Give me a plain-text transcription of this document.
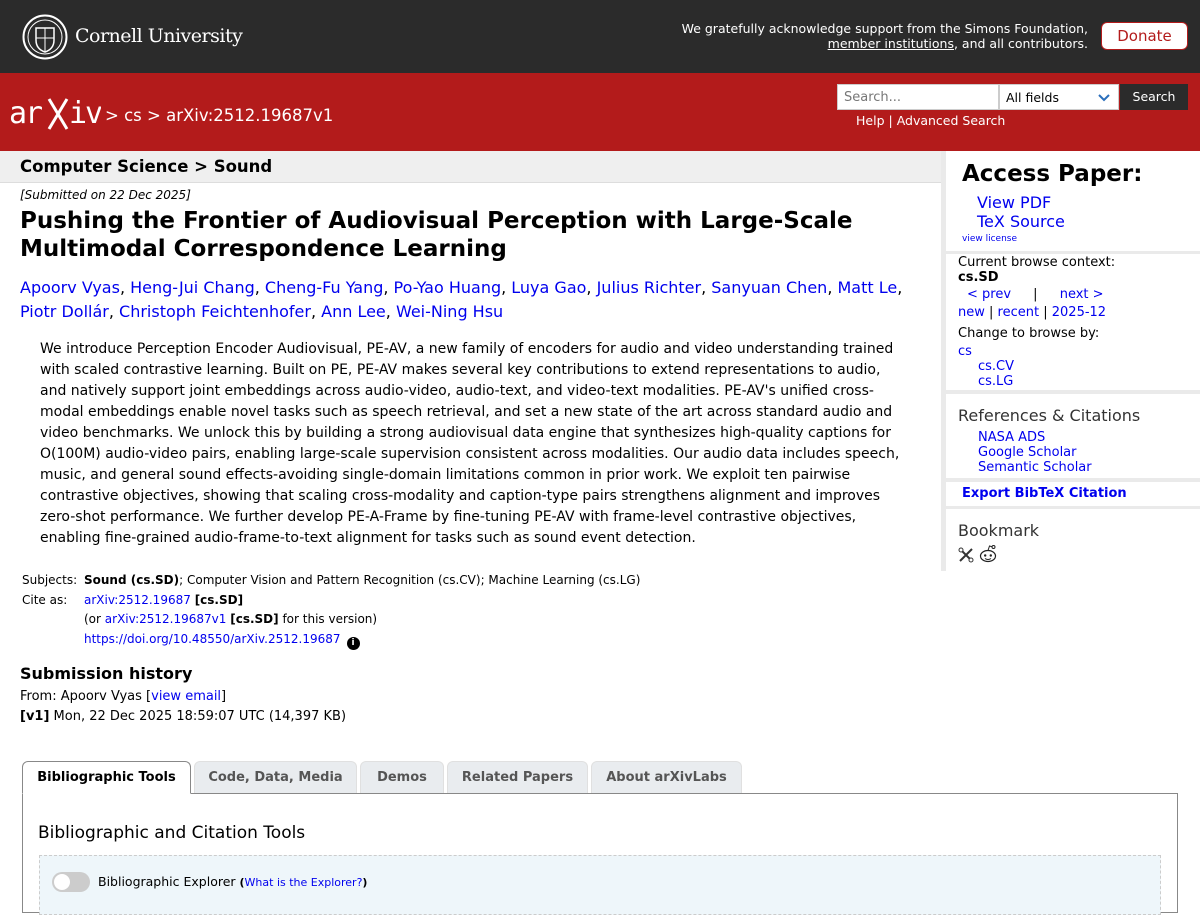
Cornell University	We gratefully acknowledge support from the Simons Foundation,
member institutions, and all contributors.	Donate
ar iv > cs > arXiv:2512.19687v1
Search...	All fields	Search
Help | Advanced Search
Computer Science > Sound
[Submitted on 22 Dec 2025]
Pushing the Frontier of Audiovisual Perception with Large-Scale Multimodal Correspondence Learning
Apoorv Vyas, Heng-Jui Chang, Cheng-Fu Yang, Po-Yao Huang, Luya Gao, Julius Richter, Sanyuan Chen, Matt Le, Piotr Dollár, Christoph Feichtenhofer, Ann Lee, Wei-Ning Hsu
We introduce Perception Encoder Audiovisual, PE-AV, a new family of encoders for audio and video understanding trained with scaled contrastive learning. Built on PE, PE-AV makes several key contributions to extend representations to audio, and natively support joint embeddings across audio-video, audio-text, and video-text modalities. PE-AV's unified cross-modal embeddings enable novel tasks such as speech retrieval, and set a new state of the art across standard audio and video benchmarks. We unlock this by building a strong audiovisual data engine that synthesizes high-quality captions for O(100M) audio-video pairs, enabling large-scale supervision consistent across modalities. Our audio data includes speech, music, and general sound effects-avoiding single-domain limitations common in prior work. We exploit ten pairwise contrastive objectives, showing that scaling cross-modality and caption-type pairs strengthens alignment and improves zero-shot performance. We further develop PE-A-Frame by fine-tuning PE-AV with frame-level contrastive objectives, enabling fine-grained audio-frame-to-text alignment for tasks such as sound event detection.
Subjects:	Sound (cs.SD); Computer Vision and Pattern Recognition (cs.CV); Machine Learning (cs.LG)
Cite as:	arXiv:2512.19687 [cs.SD]
	(or arXiv:2512.19687v1 [cs.SD] for this version)
	https://doi.org/10.48550/arXiv.2512.19687 i
Submission history
From: Apoorv Vyas [view email]
[v1] Mon, 22 Dec 2025 18:59:07 UTC (14,397 KB)
Bibliographic Tools	Code, Data, Media	Demos	Related Papers	About arXivLabs
Bibliographic and Citation Tools
Bibliographic Explorer (What is the Explorer?)
Access Paper:
View PDF
TeX Source
view license
Current browse context:
cs.SD
< prev | next >
new | recent | 2025-12
Change to browse by:
cs
cs.CV
cs.LG
References & Citations
NASA ADS
Google Scholar
Semantic Scholar
Export BibTeX Citation
Bookmark
